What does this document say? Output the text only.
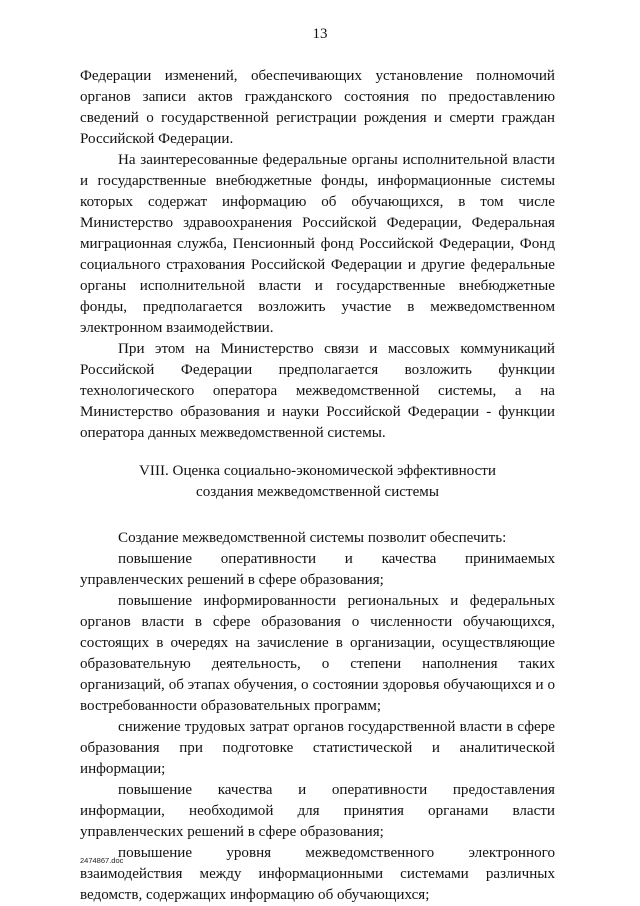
13

Федерации изменений, обеспечивающих установление полномочий органов записи актов гражданского состояния по предоставлению сведений о государственной регистрации рождения и смерти граждан Российской Федерации.

На заинтересованные федеральные органы исполнительной власти и государственные внебюджетные фонды, информационные системы которых содержат информацию об обучающихся, в том числе Министерство здравоохранения Российской Федерации, Федеральная миграционная служба, Пенсионный фонд Российской Федерации, Фонд социального страхования Российской Федерации и другие федеральные органы исполнительной власти и государственные внебюджетные фонды, предполагается возложить участие в межведомственном электронном взаимодействии.

При этом на Министерство связи и массовых коммуникаций Российской Федерации предполагается возложить функции технологического оператора межведомственной системы, а на Министерство образования и науки Российской Федерации - функции оператора данных межведомственной системы.

VIII. Оценка социально-экономической эффективности
создания межведомственной системы

Создание межведомственной системы позволит обеспечить:

повышение оперативности и качества принимаемых управленческих решений в сфере образования;

повышение информированности региональных и федеральных органов власти в сфере образования о численности обучающихся, состоящих в очередях на зачисление в организации, осуществляющие образовательную деятельность, о степени наполнения таких организаций, об этапах обучения, о состоянии здоровья обучающихся и о востребованности образовательных программ;

снижение трудовых затрат органов государственной власти в сфере образования при подготовке статистической и аналитической информации;

повышение качества и оперативности предоставления информации, необходимой для принятия органами власти управленческих решений в сфере образования;

повышение уровня межведомственного электронного взаимодействия между информационными системами различных ведомств, содержащих информацию об обучающихся;

2474867.doc
